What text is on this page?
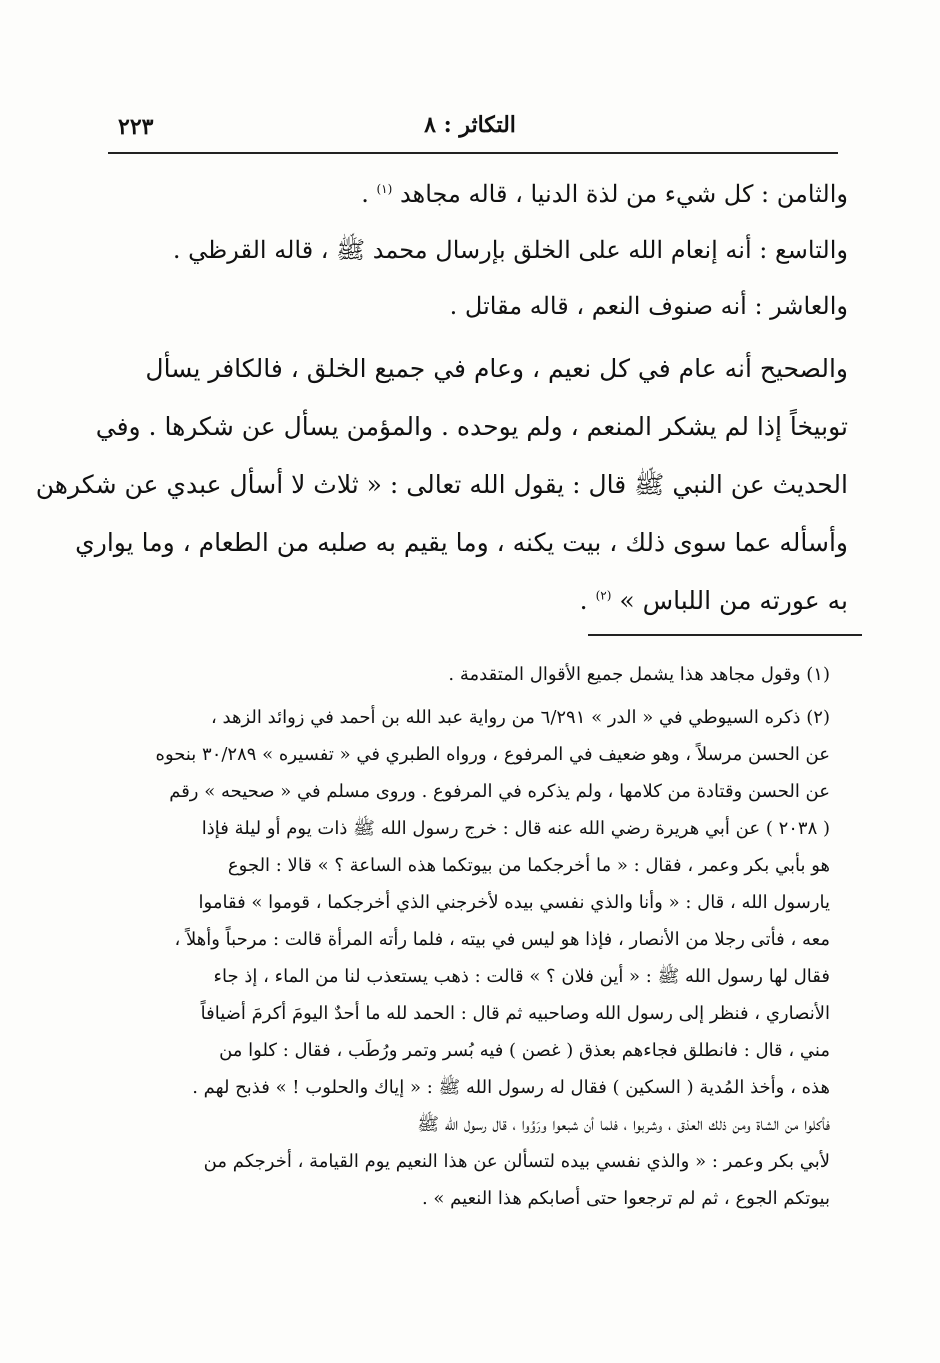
التكاثر : ٨
٢٢٣
والثامن : كل شيء من لذة الدنيا ، قاله مجاهد $^{(١)}$ .
والتاسع : أنه إنعام الله على الخلق بإرسال محمد ﷺ ، قاله القرظي .
والعاشر : أنه صنوف النعم ، قاله مقاتل .
والصحيح أنه عام في كل نعيم ، وعام في جميع الخلق ، فالكافر يسأل
توبيخاً إذا لم يشكر المنعم ، ولم يوحده . والمؤمن يسأل عن شكرها . وفي
الحديث عن النبي ﷺ قال : يقول الله تعالى : « ثلاث لا أسأل عبدي عن شكرهن
وأسأله عما سوى ذلك ، بيت يكنه ، وما يقيم به صلبه من الطعام ، وما يواري
به عورته من اللباس » $^{(٢)}$ .
(١) وقول مجاهد هذا يشمل جميع الأقوال المتقدمة .
(٢) ذكره السيوطي في « الدر » ٦/٢٩١ من رواية عبد الله بن أحمد في زوائد الزهد ،
عن الحسن مرسلاً ، وهو ضعيف في المرفوع ، ورواه الطبري في « تفسيره » ٣٠/٢٨٩ بنحوه
عن الحسن وقتادة من كلامها ، ولم يذكره في المرفوع . وروى مسلم في « صحيحه » رقم
( ٢٠٣٨ ) عن أبي هريرة رضي الله عنه قال : خرج رسول الله ﷺ ذات يوم أو ليلة فإذا
هو بأبي بكر وعمر ، فقال : « ما أخرجكما من بيوتكما هذه الساعة ؟ » قالا : الجوع
يارسول الله ، قال : « وأنا والذي نفسي بيده لأخرجني الذي أخرجكما ، قوموا » فقاموا
معه ، فأتى رجلا من الأنصار ، فإذا هو ليس في بيته ، فلما رأته المرأة قالت : مرحباً وأهلاً ،
فقال لها رسول الله ﷺ : « أين فلان ؟ » قالت : ذهب يستعذب لنا من الماء ، إذ جاء
الأنصاري ، فنظر إلى رسول الله وصاحبيه ثم قال : الحمد لله ما أحدٌ اليومَ أكرمَ أضيافاً
مني ، قال : فانطلق فجاءهم بعذق ( غصن ) فيه بُسر وتمر ورُطَب ، فقال : كلوا من
هذه ، وأخذ المُدية ( السكين ) فقال له رسول الله ﷺ : « إياك والحلوب ! » فذبح لهم .
فأكلوا من الشاة ومن ذلك العذق ، وشربوا ، فلما أن شبعوا ورَوُوا ، قال رسول الله ﷺ
لأبي بكر وعمر : « والذي نفسي بيده لتسألن عن هذا النعيم يوم القيامة ، أخرجكم من
بيوتكم الجوع ، ثم لم ترجعوا حتى أصابكم هذا النعيم » .
